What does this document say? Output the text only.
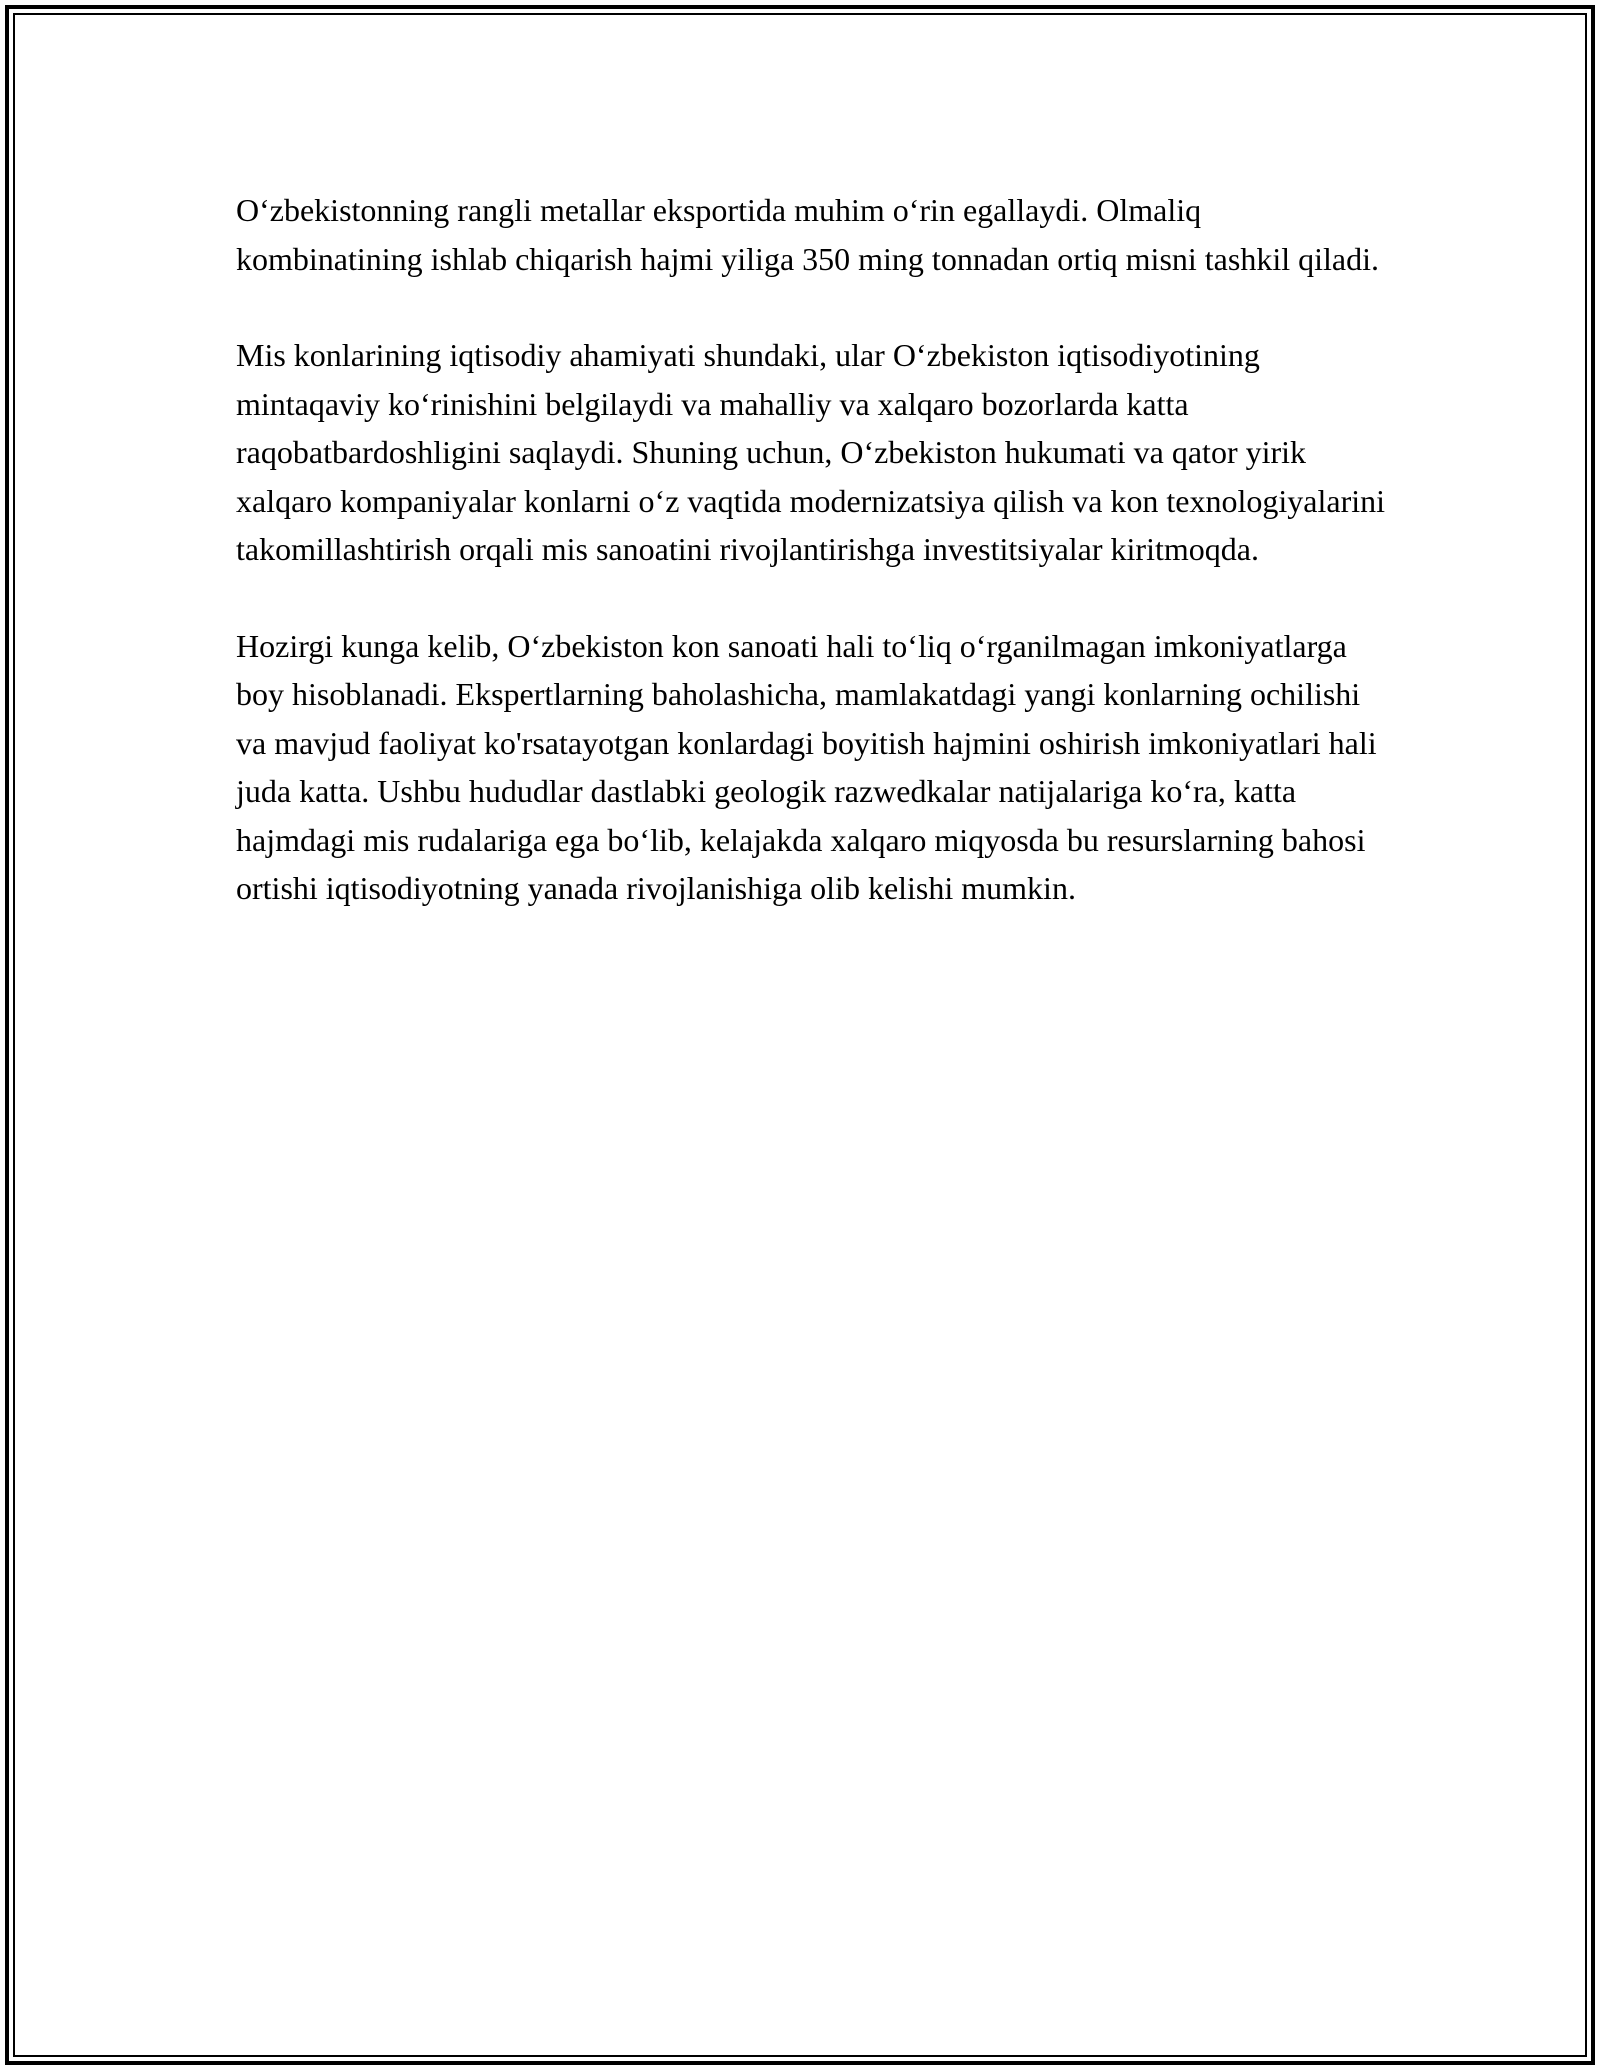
O‘zbekistonning rangli metallar eksportida muhim o‘rin egallaydi. Olmaliq kombinatining ishlab chiqarish hajmi yiliga 350 ming tonnadan ortiq misni tashkil qiladi.

Mis konlarining iqtisodiy ahamiyati shundaki, ular O‘zbekiston iqtisodiyotining mintaqaviy ko‘rinishini belgilaydi va mahalliy va xalqaro bozorlarda katta raqobatbardoshligini saqlaydi. Shuning uchun, O‘zbekiston hukumati va qator yirik xalqaro kompaniyalar konlarni o‘z vaqtida modernizatsiya qilish va kon texnologiyalarini takomillashtirish orqali mis sanoatini rivojlantirishga investitsiyalar kiritmoqda.

Hozirgi kunga kelib, O‘zbekiston kon sanoati hali to‘liq o‘rganilmagan imkoniyatlarga boy hisoblanadi. Ekspertlarning baholashicha, mamlakatdagi yangi konlarning ochilishi va mavjud faoliyat ko'rsatayotgan konlardagi boyitish hajmini oshirish imkoniyatlari hali juda katta. Ushbu hududlar dastlabki geologik razwedkalar natijalariga ko‘ra, katta hajmdagi mis rudalariga ega bo‘lib, kelajakda xalqaro miqyosda bu resurslarning bahosi ortishi iqtisodiyotning yanada rivojlanishiga olib kelishi mumkin.
